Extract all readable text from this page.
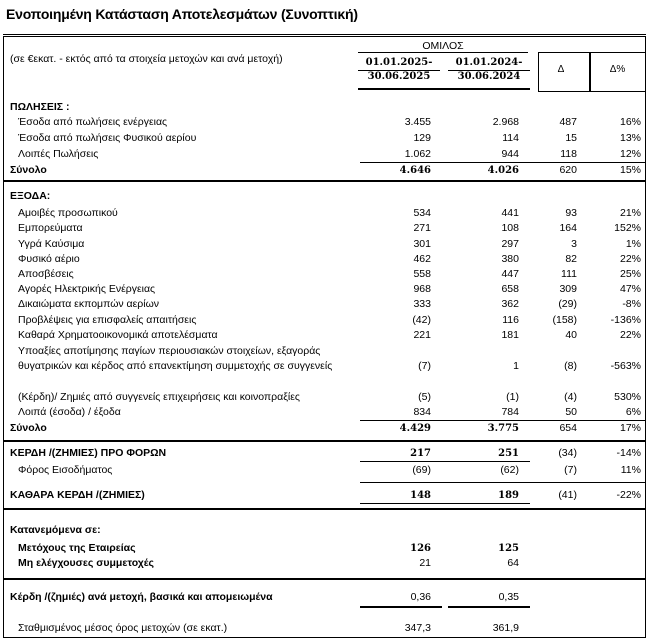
Ενοποιημένη Κατάσταση Αποτελεσμάτων (Συνοπτική)
(σε €εκατ. - εκτός από τα στοιχεία μετοχών και ανά μετοχή)
ΟΜΙΛΟΣ
01.01.2025-
30.06.2025
01.01.2024-
30.06.2024
Δ	Δ%
ΠΩΛΗΣΕΙΣ :
Έσοδα από πωλήσεις ενέργειας	3.455	2.968	487	16%
Έσοδα από πωλήσεις Φυσικού αερίου	129	114	15	13%
Λοιπές Πωλήσεις	1.062	944	118	12%
Σύνολο	4.646	4.026	620	15%
ΕΞΟΔΑ:
Αμοιβές προσωπικού	534	441	93	21%
Εμπορεύματα	271	108	164	152%
Υγρά Καύσιμα	301	297	3	1%
Φυσικό αέριο	462	380	82	22%
Αποσβέσεις	558	447	111	25%
Αγορές Ηλεκτρικής Ενέργειας	968	658	309	47%
Δικαιώματα εκπομπών αερίων	333	362	(29)	-8%
Προβλέψεις για επισφαλείς απαιτήσεις	(42)	116	(158)	-136%
Καθαρά Χρηματοοικονομικά αποτελέσματα	221	181	40	22%
Υποαξίες αποτίμησης παγίων περιουσιακών στοιχείων, εξαγοράς θυγατρικών και κέρδος από επανεκτίμηση συμμετοχής σε συγγενείς	(7)	1	(8)	-563%
(Κέρδη)/ Ζημιές από συγγενείς επιχειρήσεις και κοινοπραξίες	(5)	(1)	(4)	530%
Λοιπά (έσοδα) / έξοδα	834	784	50	6%
Σύνολο	4.429	3.775	654	17%
ΚΕΡΔΗ /(ΖΗΜΙΕΣ) ΠΡΟ ΦΟΡΩΝ	217	251	(34)	-14%
Φόρος Εισοδήματος	(69)	(62)	(7)	11%
ΚΑΘΑΡΑ ΚΕΡΔΗ /(ΖΗΜΙΕΣ)	148	189	(41)	-22%
Κατανεμόμενα σε:
Μετόχους της Εταιρείας	126	125
Μη ελέγχουσες συμμετοχές	21	64
Κέρδη /(ζημιές) ανά μετοχή, βασικά και απομειωμένα	0,36	0,35
Σταθμισμένος μέσος όρος μετοχών (σε εκατ.)	347,3	361,9
